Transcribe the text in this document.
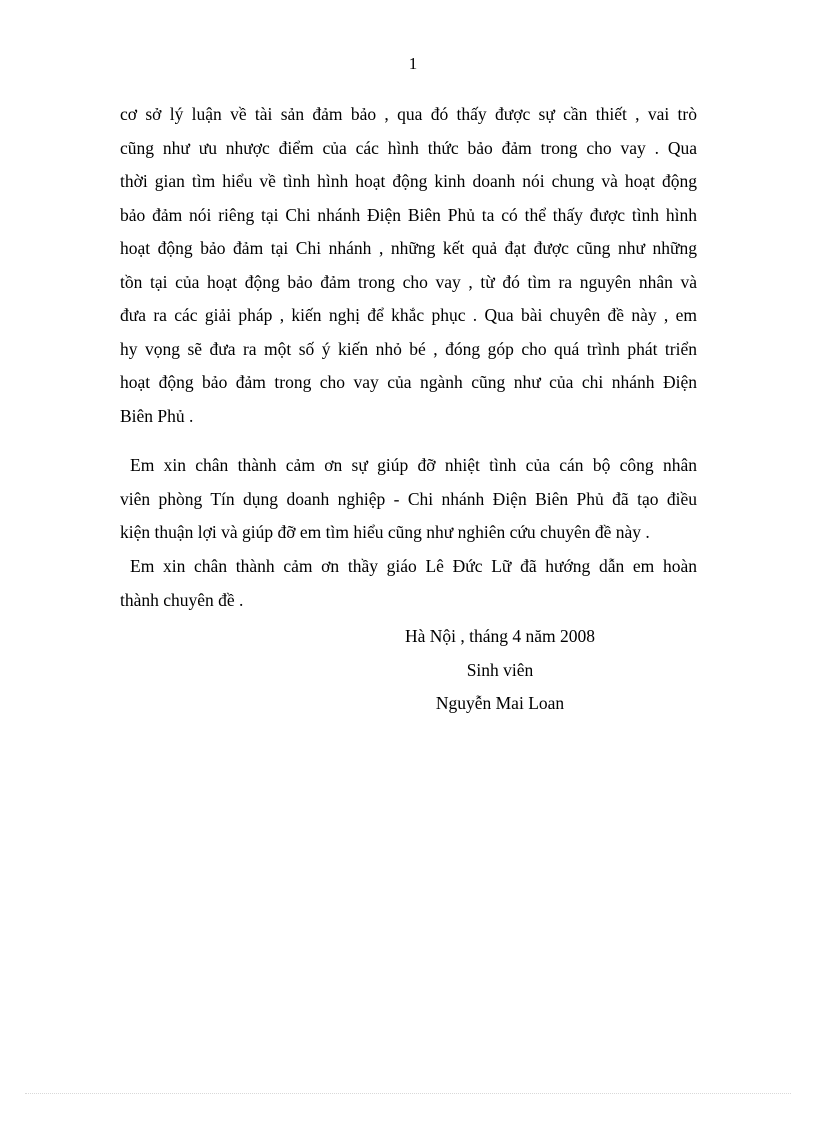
1
cơ sở lý luận về tài sản đảm bảo , qua đó thấy được sự cần thiết , vai trò
cũng như ưu nhược điểm của các hình thức bảo đảm trong cho vay . Qua
thời gian tìm hiểu về tình hình hoạt động kinh doanh nói chung và hoạt động
bảo đảm nói riêng tại Chi nhánh Điện Biên Phủ ta có thể thấy được tình hình
hoạt động bảo đảm tại Chi nhánh , những kết quả đạt được cũng như những
tồn tại của hoạt động bảo đảm trong cho vay , từ đó tìm ra nguyên nhân và
đưa ra các giải pháp , kiến nghị để khắc phục . Qua bài chuyên đề này , em
hy vọng sẽ đưa ra một số ý kiến nhỏ bé , đóng góp cho quá trình phát triển
hoạt động bảo đảm trong cho vay của ngành cũng như của chi nhánh Điện
Biên Phủ .
Em xin chân thành cảm ơn sự giúp đỡ nhiệt tình của cán bộ công nhân
viên phòng Tín dụng doanh nghiệp - Chi nhánh Điện Biên Phủ đã tạo điều
kiện thuận lợi và giúp đỡ em tìm hiểu cũng như nghiên cứu chuyên đề này .
Em xin chân thành cảm ơn thầy giáo Lê Đức Lữ đã hướng dẫn em hoàn
thành chuyên đề .
Hà Nội , tháng 4 năm 2008
Sinh viên
Nguyễn Mai Loan
